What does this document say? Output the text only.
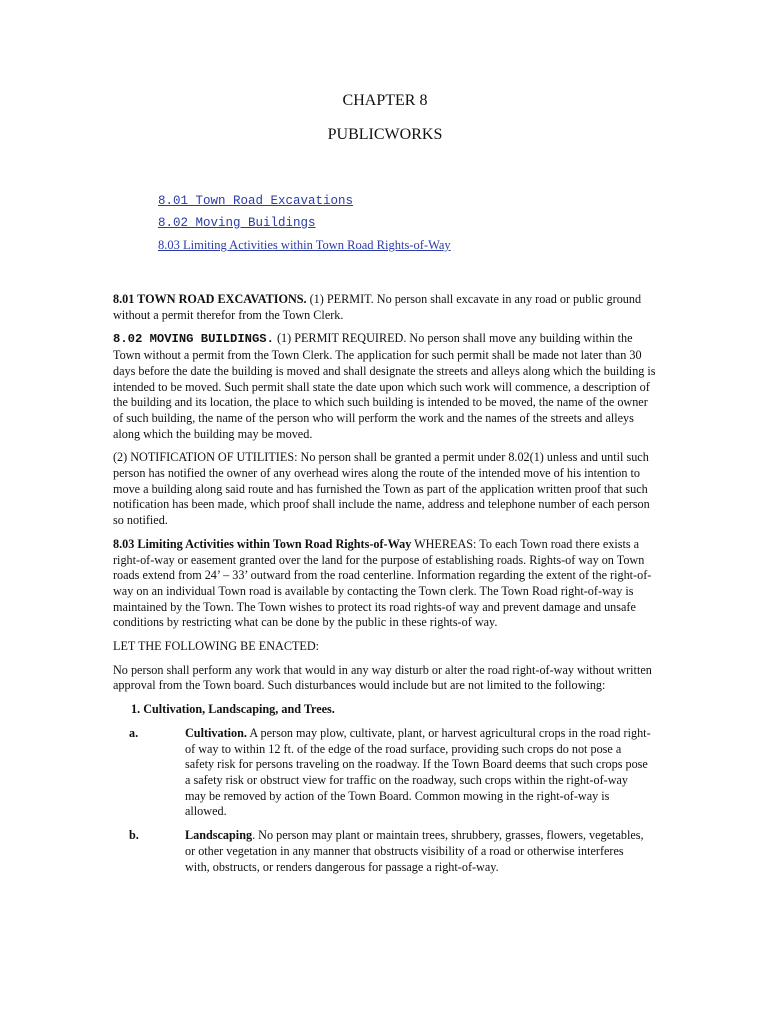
CHAPTER 8
PUBLICWORKS
8.01 Town Road Excavations
8.02 Moving Buildings
8.03 Limiting Activities within Town Road Rights-of-Way

8.01 TOWN ROAD EXCAVATIONS. (1) PERMIT. No person shall excavate in any road or public ground without a permit therefor from the Town Clerk.

8.02 MOVING BUILDINGS. (1) PERMIT REQUIRED. No person shall move any building within the Town without a permit from the Town Clerk. The application for such permit shall be made not later than 30 days before the date the building is moved and shall designate the streets and alleys along which the building is intended to be moved. Such permit shall state the date upon which such work will commence, a description of the building and its location, the place to which such building is intended to be moved, the name of the owner of such building, the name of the person who will perform the work and the names of the streets and alleys along which the building may be moved.

(2) NOTIFICATION OF UTILITIES: No person shall be granted a permit under 8.02(1) unless and until such person has notified the owner of any overhead wires along the route of the intended move of his intention to move a building along said route and has furnished the Town as part of the application written proof that such notification has been made, which proof shall include the name, address and telephone number of each person so notified.

8.03 Limiting Activities within Town Road Rights-of-Way WHEREAS: To each Town road there exists a right-of-way or easement granted over the land for the purpose of establishing roads. Rights-of way on Town roads extend from 24’ – 33’ outward from the road centerline. Information regarding the extent of the right-of-way on an individual Town road is available by contacting the Town clerk. The Town Road right-of-way is maintained by the Town. The Town wishes to protect its road rights-of way and prevent damage and unsafe conditions by restricting what can be done by the public in these rights-of way.

LET THE FOLLOWING BE ENACTED:

No person shall perform any work that would in any way disturb or alter the road right-of-way without written approval from the Town board. Such disturbances would include but are not limited to the following:

1. Cultivation, Landscaping, and Trees.
a.	Cultivation. A person may plow, cultivate, plant, or harvest agricultural crops in the road right-of way to within 12 ft. of the edge of the road surface, providing such crops do not pose a safety risk for persons traveling on the roadway. If the Town Board deems that such crops pose a safety risk or obstruct view for traffic on the roadway, such crops within the right-of-way may be removed by action of the Town Board. Common mowing in the right-of-way is allowed.
b.	Landscaping. No person may plant or maintain trees, shrubbery, grasses, flowers, vegetables, or other vegetation in any manner that obstructs visibility of a road or otherwise interferes with, obstructs, or renders dangerous for passage a right-of-way.
